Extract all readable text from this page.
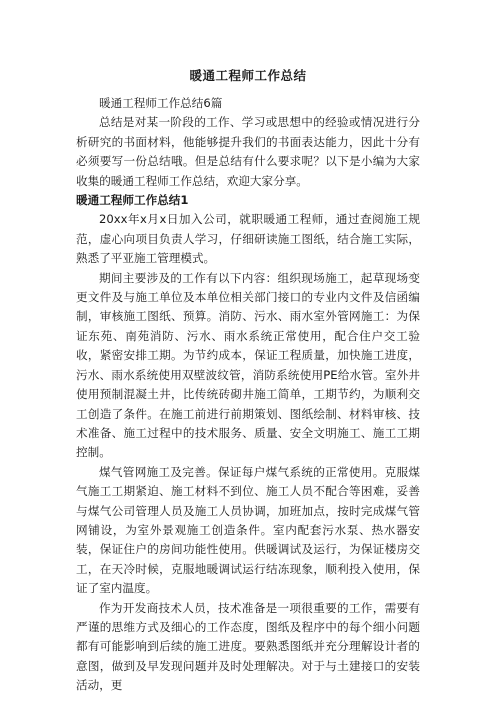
暖通工程师工作总结

暖通工程师工作总结6篇

总结是对某一阶段的工作、学习或思想中的经验或情况进行分析研究的书面材料，他能够提升我们的书面表达能力，因此十分有必须要写一份总结哦。但是总结有什么要求呢？以下是小编为大家收集的暖通工程师工作总结，欢迎大家分享。

暖通工程师工作总结1

20xx年x月x日加入公司，就职暖通工程师，通过查阅施工规范，虚心向项目负责人学习，仔细研读施工图纸，结合施工实际，熟悉了平亚施工管理模式。

期间主要涉及的工作有以下内容：组织现场施工，起草现场变更文件及与施工单位及本单位相关部门接口的专业内文件及信函编制，审核施工图纸、预算。消防、污水、雨水室外管网施工：为保证东苑、南苑消防、污水、雨水系统正常使用，配合住户交工验收，紧密安排工期。为节约成本，保证工程质量，加快施工进度，污水、雨水系统使用双壁波纹管，消防系统使用PE给水管。室外井使用预制混凝土井，比传统砖砌井施工简单，工期节约，为顺利交工创造了条件。在施工前进行前期策划、图纸绘制、材料审核、技术准备、施工过程中的技术服务、质量、安全文明施工、施工工期控制。

煤气管网施工及完善。保证每户煤气系统的正常使用。克服煤气施工工期紧迫、施工材料不到位、施工人员不配合等困难，妥善与煤气公司管理人员及施工人员协调，加班加点，按时完成煤气管网铺设，为室外景观施工创造条件。室内配套污水泵、热水器安装，保证住户的房间功能性使用。供暖调试及运行，为保证楼房交工，在天冷时候，克服地暖调试运行结冻现象，顺利投入使用，保证了室内温度。

作为开发商技术人员，技术准备是一项很重要的工作，需要有严谨的思维方式及细心的工作态度，图纸及程序中的每个细小问题都有可能影响到后续的施工进度。要熟悉图纸并充分理解设计者的意图，做到及早发现问题并及时处理解决。对于与土建接口的安装活动，更
